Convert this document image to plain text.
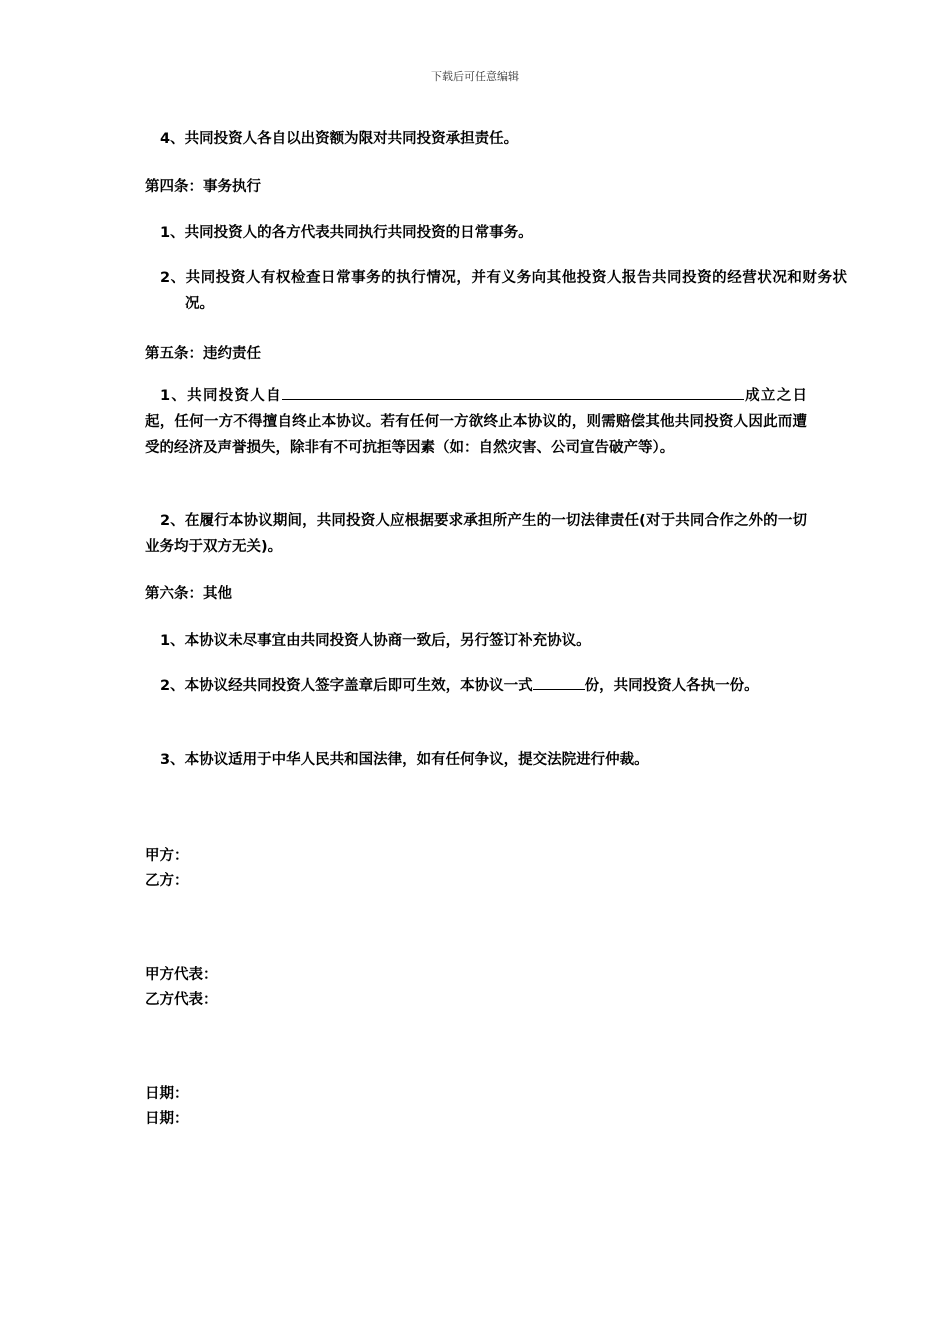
下载后可任意编辑
4、共同投资人各自以出资额为限对共同投资承担责任。
第四条：事务执行
1、共同投资人的各方代表共同执行共同投资的日常事务。
2、共同投资人有权检查日常事务的执行情况，并有义务向其他投资人报告共同投资的经营状况和财务状况。
第五条：违约责任
1、共同投资人自	成立之日起，任何一方不得擅自终止本协议。若有任何一方欲终止本协议的，则需赔偿其他共同投资人因此而遭受的经济及声誉损失，除非有不可抗拒等因素（如：自然灾害、公司宣告破产等）。
2、在履行本协议期间，共同投资人应根据要求承担所产生的一切法律责任(对于共同合作之外的一切业务均于双方无关)。
第六条：其他
1、本协议未尽事宜由共同投资人协商一致后，另行签订补充协议。
2、本协议经共同投资人签字盖章后即可生效，本协议一式	份，共同投资人各执一份。
3、本协议适用于中华人民共和国法律，如有任何争议，提交法院进行仲裁。
甲方：
乙方：
甲方代表：
乙方代表：
日期：
日期：
